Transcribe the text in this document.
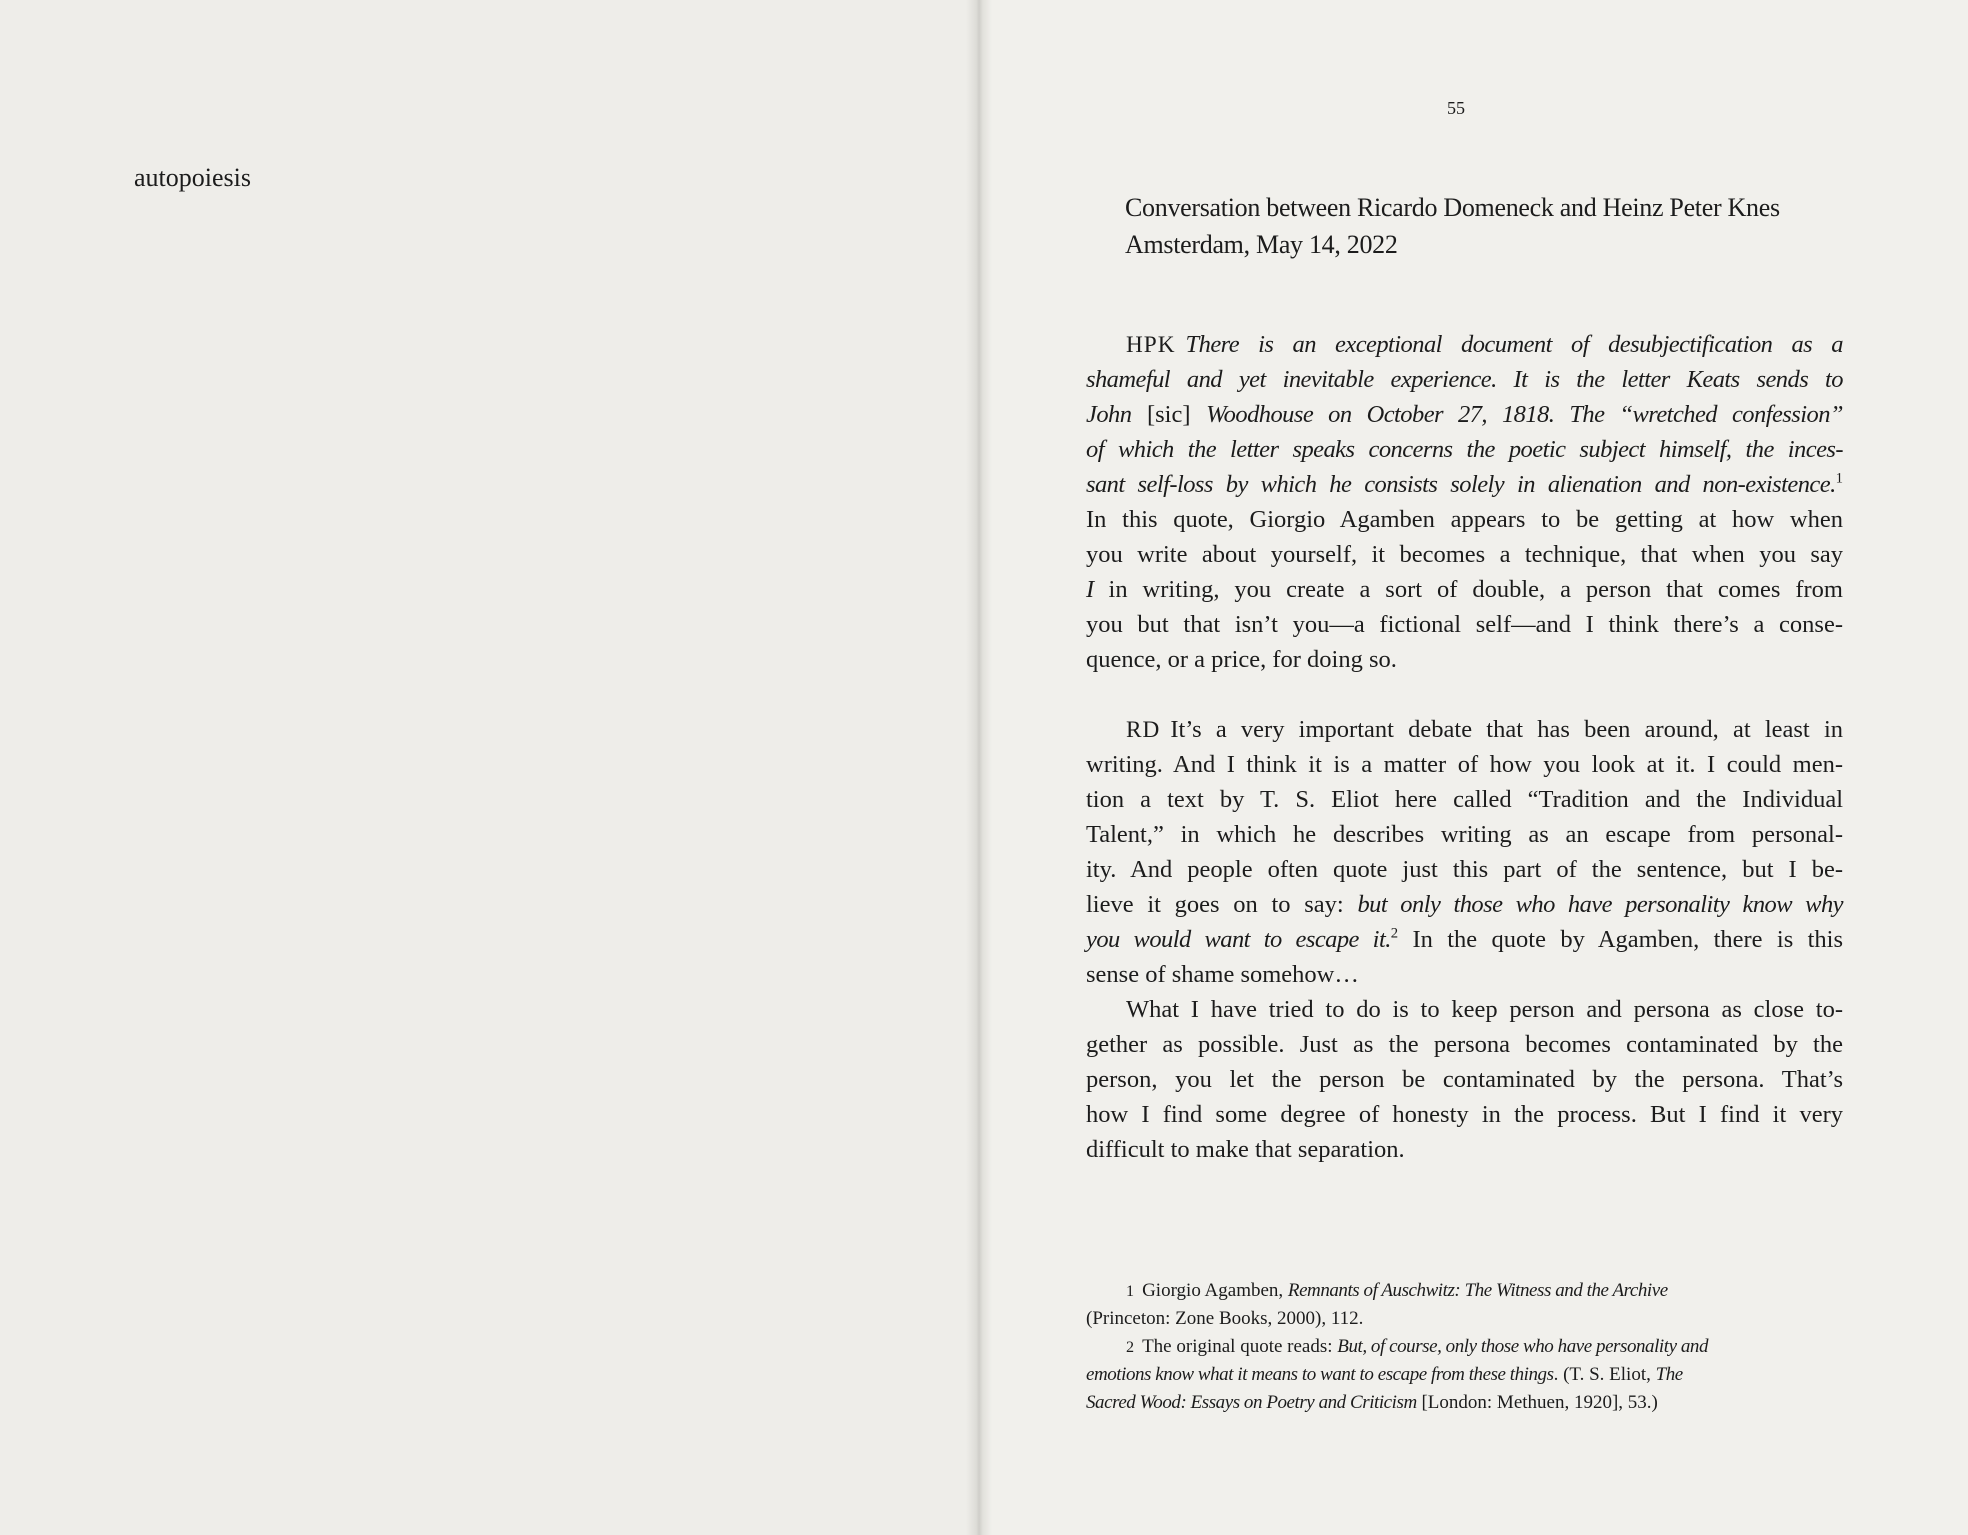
autopoiesis
55
Conversation between Ricardo Domeneck and Heinz Peter Knes
Amsterdam, May 14, 2022
HPK There is an exceptional document of desubjectification as a
shameful and yet inevitable experience. It is the letter Keats sends to
John [sic] Woodhouse on October 27, 1818. The “wretched confession”
of which the letter speaks concerns the poetic subject himself, the inces-
sant self-loss by which he consists solely in alienation and non-existence.$^1$
In this quote, Giorgio Agamben appears to be getting at how when
you write about yourself, it becomes a technique, that when you say
I in writing, you create a sort of double, a person that comes from
you but that isn’t you—a fictional self—and I think there’s a conse-
quence, or a price, for doing so.
RD It’s a very important debate that has been around, at least in
writing. And I think it is a matter of how you look at it. I could men-
tion a text by T. S. Eliot here called “Tradition and the Individual
Talent,” in which he describes writing as an escape from personal-
ity. And people often quote just this part of the sentence, but I be-
lieve it goes on to say: but only those who have personality know why
you would want to escape it.$^2$ In the quote by Agamben, there is this
sense of shame somehow…
What I have tried to do is to keep person and persona as close to-
gether as possible. Just as the persona becomes contaminated by the
person, you let the person be contaminated by the persona. That’s
how I find some degree of honesty in the process. But I find it very
difficult to make that separation.
1 Giorgio Agamben, Remnants of Auschwitz: The Witness and the Archive
(Princeton: Zone Books, 2000), 112.
2 The original quote reads: But, of course, only those who have personality and
emotions know what it means to want to escape from these things. (T. S. Eliot, The
Sacred Wood: Essays on Poetry and Criticism [London: Methuen, 1920], 53.)
